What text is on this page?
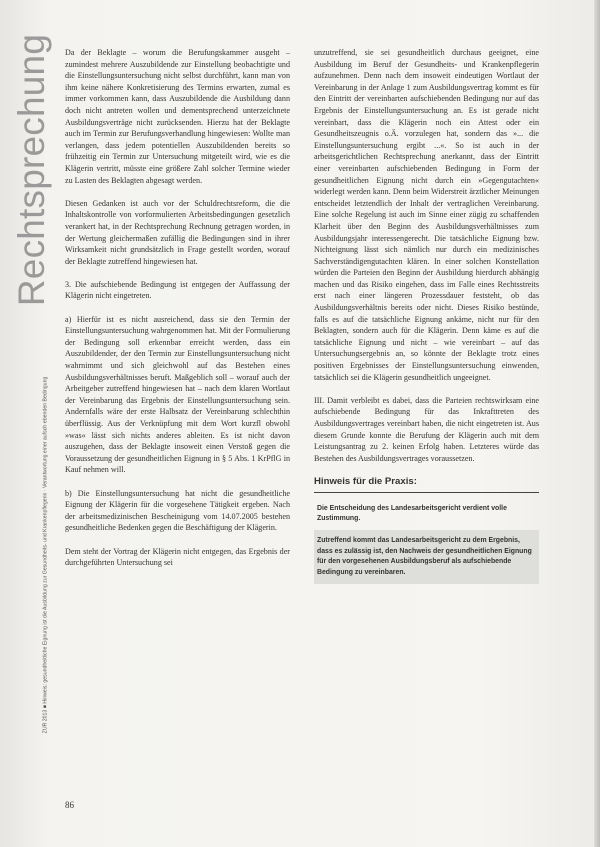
Rechtsprechung
ZUR 2013 ■ Hinweis: gesundheitliche Eignung ist die Ausbildung zur Gesundheits- und Krankenpflegerin · Verantwortung einer aufsch·ebenden Bedingung

Da der Beklagte – worum die Berufungskammer ausgeht – zumindest mehrere Auszubildende zur Einstellung beobachtigte und die Einstellungsuntersuchung nicht selbst durchführt, kann man von ihm keine nähere Konkretisierung des Termins erwarten, zumal es immer vorkommen kann, dass Auszubildende die Ausbildung dann doch nicht antreten wollen und dementsprechend unterzeichnete Ausbildungsverträge nicht zurücksenden. Hierzu hat der Beklagte auch im Termin zur Berufungsverhandlung hingewiesen: Wollte man verlangen, dass jedem potentiellen Auszubildenden bereits so frühzeitig ein Termin zur Untersuchung mitgeteilt wird, wie es die Klägerin vertritt, müsste eine größere Zahl solcher Termine wieder zu Lasten des Beklagten abgesagt werden.

Diesen Gedanken ist auch vor der Schuldrechtsreform, die die Inhaltskontrolle von vorformulierten Arbeitsbedingungen gesetzlich verankert hat, in der Rechtsprechung Rechnung getragen worden, in der Wertung gleichermaßen zufällig die Bedingungen sind in ihrer Wirksamkeit nicht grundsätzlich in Frage gestellt worden, worauf der Beklagte zutreffend hingewiesen hat.

3. Die aufschiebende Bedingung ist entgegen der Auffassung der Klägerin nicht eingetreten.

a) Hierfür ist es nicht ausreichend, dass sie den Termin der Einstellungsuntersuchung wahrgenommen hat. Mit der Formulierung der Bedingung soll erkennbar erreicht werden, dass ein Auszubildender, der den Termin zur Einstellungsuntersuchung nicht wahrnimmt und sich gleichwohl auf das Bestehen eines Ausbildungsverhältnisses beruft. Maßgeblich soll – worauf auch der Arbeitgeber zutreffend hingewiesen hat – nach dem klaren Wortlaut der Vereinbarung das Ergebnis der Einstellungsuntersuchung sein. Andernfalls wäre der erste Halbsatz der Vereinbarung schlechthin überflüssig. Aus der Verknüpfung mit dem Wort kurzfl obwohl »was« lässt sich nichts anderes ableiten. Es ist nicht davon auszugehen, dass der Beklagte insoweit einen Verstoß gegen die Voraussetzung der gesundheitlichen Eignung in § 5 Abs. 1 KrPflG in Kauf nehmen will.

b) Die Einstellungsuntersuchung hat nicht die gesundheitliche Eignung der Klägerin für die vorgesehene Tätigkeit ergeben. Nach der arbeitsmedizinischen Bescheinigung vom 14.07.2005 bestehen gesundheitliche Bedenken gegen die Beschäftigung der Klägerin.

Dem steht der Vortrag der Klägerin nicht entgegen, das Ergebnis der durchgeführten Untersuchung sei

unzutreffend, sie sei gesundheitlich durchaus geeignet, eine Ausbildung im Beruf der Gesundheits- und Krankenpflegerin aufzunehmen. Denn nach dem insoweit eindeutigen Wortlaut der Vereinbarung in der Anlage 1 zum Ausbildungsvertrag kommt es für den Eintritt der vereinbarten aufschiebenden Bedingung nur auf das Ergebnis der Einstellungsuntersuchung an. Es ist gerade nicht vereinbart, dass die Klägerin noch ein Attest oder ein Gesundheitszeugnis o.Ä. vorzulegen hat, sondern das »... die Einstellungsuntersuchung ergibt ...«. So ist auch in der arbeitsgerichtlichen Rechtsprechung anerkannt, dass der Eintritt einer vereinbarten aufschiebenden Bedingung in Form der gesundheitlichen Eignung nicht durch ein »Gegengutachten« widerlegt werden kann. Denn beim Widerstreit ärztlicher Meinungen entscheidet letztendlich der Inhalt der vertraglichen Vereinbarung. Eine solche Regelung ist auch im Sinne einer zügig zu schaffenden Klarheit über den Beginn des Ausbildungsverhältnisses zum Ausbildungsjahr interessengerecht. Die tatsächliche Eignung bzw. Nichteignung lässt sich nämlich nur durch ein medizinisches Sachverständigengutachten klären. In einer solchen Konstellation würden die Parteien den Beginn der Ausbildung hierdurch abhängig machen und das Risiko eingehen, dass im Falle eines Rechtsstreits erst nach einer längeren Prozessdauer feststeht, ob das Ausbildungsverhältnis bereits oder nicht. Dieses Risiko bestünde, falls es auf die tatsächliche Eignung ankäme, nicht nur für den Beklagten, sondern auch für die Klägerin. Denn käme es auf die tatsächliche Eignung und nicht – wie vereinbart – auf das Untersuchungsergebnis an, so könnte der Beklagte trotz eines positiven Ergebnisses der Einstellungsuntersuchung einwenden, tatsächlich sei die Klägerin gesundheitlich ungeeignet.

III. Damit verbleibt es dabei, dass die Parteien rechtswirksam eine aufschiebende Bedingung für das Inkrafttreten des Ausbildungsvertrages vereinbart haben, die nicht eingetreten ist. Aus diesem Grunde konnte die Berufung der Klägerin auch mit dem Leistungsantrag zu 2. keinen Erfolg haben. Letzteres würde das Bestehen des Ausbildungsvertrages voraussetzen.

Hinweis für die Praxis:

Die Entscheidung des Landesarbeitsgericht verdient volle Zustimmung.

Zutreffend kommt das Landesarbeitsgericht zu dem Ergebnis, dass es zulässig ist, den Nachweis der gesundheitlichen Eignung für den vorgesehenen Ausbildungsberuf als aufschiebende Bedingung zu vereinbaren.

86
